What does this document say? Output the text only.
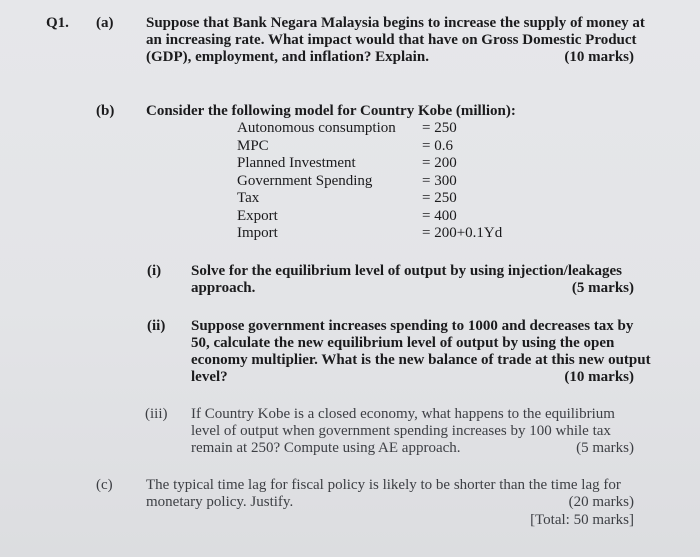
Q1. (a) Suppose that Bank Negara Malaysia begins to increase the supply of money at
an increasing rate. What impact would that have on Gross Domestic Product
(GDP), employment, and inflation? Explain.	(10 marks)
(b) Consider the following model for Country Kobe (million):
Autonomous consumption = 250
MPC	= 0.6
Planned Investment	= 200
Government Spending	= 300
Tax	= 250
Export	= 400
Import	= 200+0.1Yd
(i) Solve for the equilibrium level of output by using injection/leakages
approach.	(5 marks)
(ii) Suppose government increases spending to 1000 and decreases tax by
50, calculate the new equilibrium level of output by using the open
economy multiplier. What is the new balance of trade at this new output
level?	(10 marks)
(iii) If Country Kobe is a closed economy, what happens to the equilibrium
level of output when government spending increases by 100 while tax
remain at 250? Compute using AE approach.	(5 marks)
(c) The typical time lag for fiscal policy is likely to be shorter than the time lag for
monetary policy. Justify.	(20 marks)
[Total: 50 marks]
